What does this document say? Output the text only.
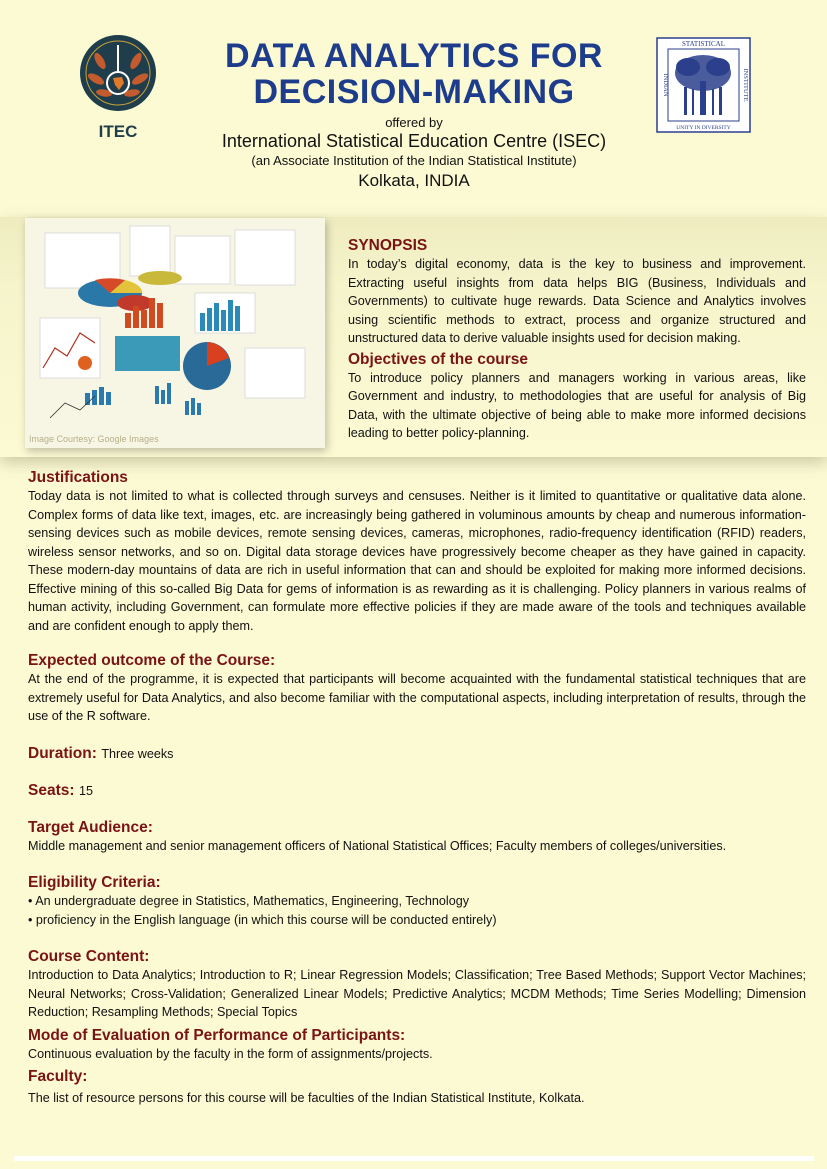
ITEC
DATA ANALYTICS FOR
DECISION-MAKING
offered by
International Statistical Education Centre (ISEC)
(an Associate Institution of the Indian Statistical Institute)
Kolkata, INDIA
STATISTICAL
UNITY IN DIVERSITY
INDIAN	INSTITUTE
Image Courtesy: Google Images
SYNOPSIS

In today’s digital economy, data is the key to business and improvement. Extracting useful insights from data helps BIG (Business, Individuals and Governments) to cultivate huge rewards. Data Science and Analytics involves using scientific methods to extract, process and organize structured and unstructured data to derive valuable insights used for decision making.

Objectives of the course

To introduce policy planners and managers working in various areas, like Government and industry, to methodologies that are useful for analysis of Big Data, with the ultimate objective of being able to make more informed decisions leading to better policy-planning.

Justifications

Today data is not limited to what is collected through surveys and censuses. Neither is it limited to quantitative or qualitative data alone. Complex forms of data like text, images, etc. are increasingly being gathered in voluminous amounts by cheap and numerous information-sensing devices such as mobile devices, remote sensing devices, cameras, microphones, radio-frequency identification (RFID) readers, wireless sensor networks, and so on. Digital data storage devices have progressively become cheaper as they have gained in capacity. These modern-day mountains of data are rich in useful information that can and should be exploited for making more informed decisions. Effective mining of this so-called Big Data for gems of information is as rewarding as it is challenging. Policy planners in various realms of human activity, including Government, can formulate more effective policies if they are made aware of the tools and techniques available and are confident enough to apply them.

Expected outcome of the Course:

At the end of the programme, it is expected that participants will become acquainted with the fundamental statistical techniques that are extremely useful for Data Analytics, and also become familiar with the computational aspects, including interpretation of results, through the use of the R software.

Duration: Three weeks
Seats: 15
Target Audience:

Middle management and senior management officers of National Statistical Offices; Faculty members of colleges/universities.

Eligibility Criteria:
• An undergraduate degree in Statistics, Mathematics, Engineering, Technology
• proficiency in the English language (in which this course will be conducted entirely)
Course Content:

Introduction to Data Analytics; Introduction to R; Linear Regression Models; Classification; Tree Based Methods; Support Vector Machines; Neural Networks; Cross-Validation; Generalized Linear Models; Predictive Analytics; MCDM Methods; Time Series Modelling; Dimension Reduction; Resampling Methods; Special Topics

Mode of Evaluation of Performance of Participants:

Continuous evaluation by the faculty in the form of assignments/projects.

Faculty:

The list of resource persons for this course will be faculties of the Indian Statistical Institute, Kolkata.
